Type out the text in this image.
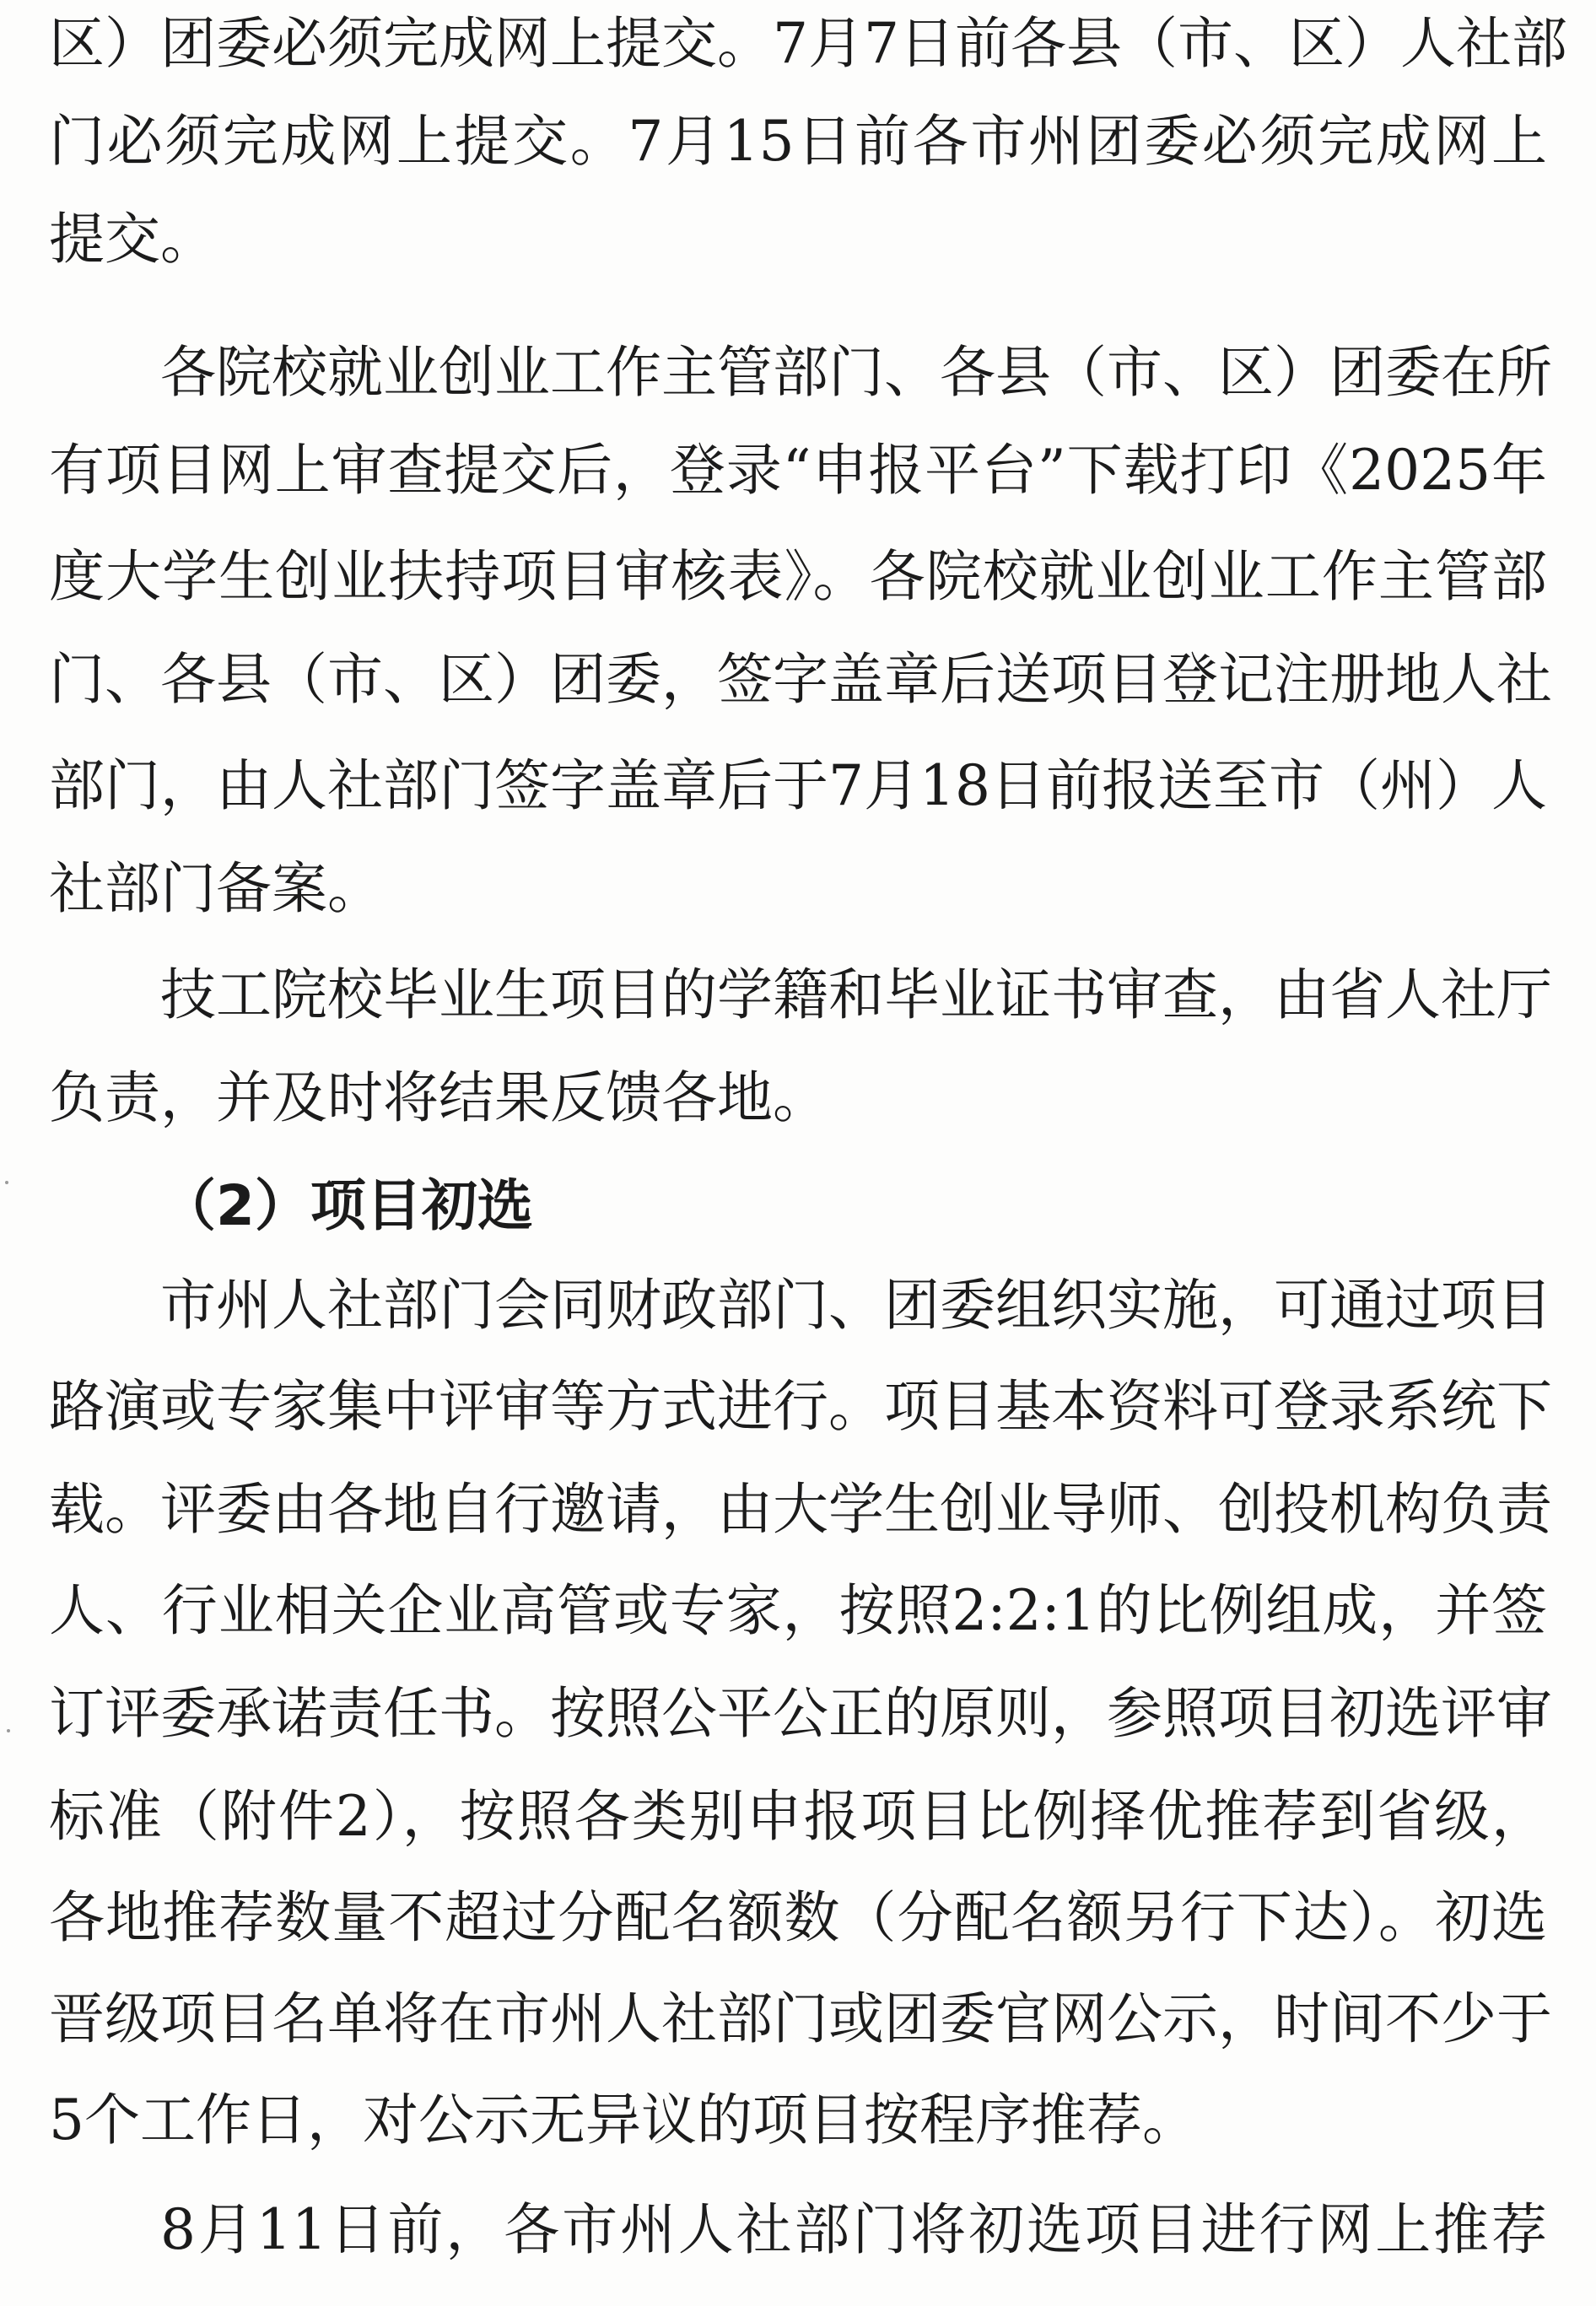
区）团委必须完成网上提交。7月7日前各县（市、区）人社部
门必须完成网上提交。7月15日前各市州团委必须完成网上
提交。
各院校就业创业工作主管部门、各县（市、区）团委在所
有项目网上审查提交后，登录“申报平台”下载打印《2025年
度大学生创业扶持项目审核表》。各院校就业创业工作主管部
门、各县（市、区）团委，签字盖章后送项目登记注册地人社
部门，由人社部门签字盖章后于7月18日前报送至市（州）人
社部门备案。
技工院校毕业生项目的学籍和毕业证书审查，由省人社厅
负责，并及时将结果反馈各地。
（2）项目初选
市州人社部门会同财政部门、团委组织实施，可通过项目
路演或专家集中评审等方式进行。项目基本资料可登录系统下
载。评委由各地自行邀请，由大学生创业导师、创投机构负责
人、行业相关企业高管或专家，按照2:2:1的比例组成，并签
订评委承诺责任书。按照公平公正的原则，参照项目初选评审
标准（附件2），按照各类别申报项目比例择优推荐到省级，
各地推荐数量不超过分配名额数（分配名额另行下达）。初选
晋级项目名单将在市州人社部门或团委官网公示，时间不少于
5个工作日，对公示无异议的项目按程序推荐。
8月11日前，各市州人社部门将初选项目进行网上推荐
